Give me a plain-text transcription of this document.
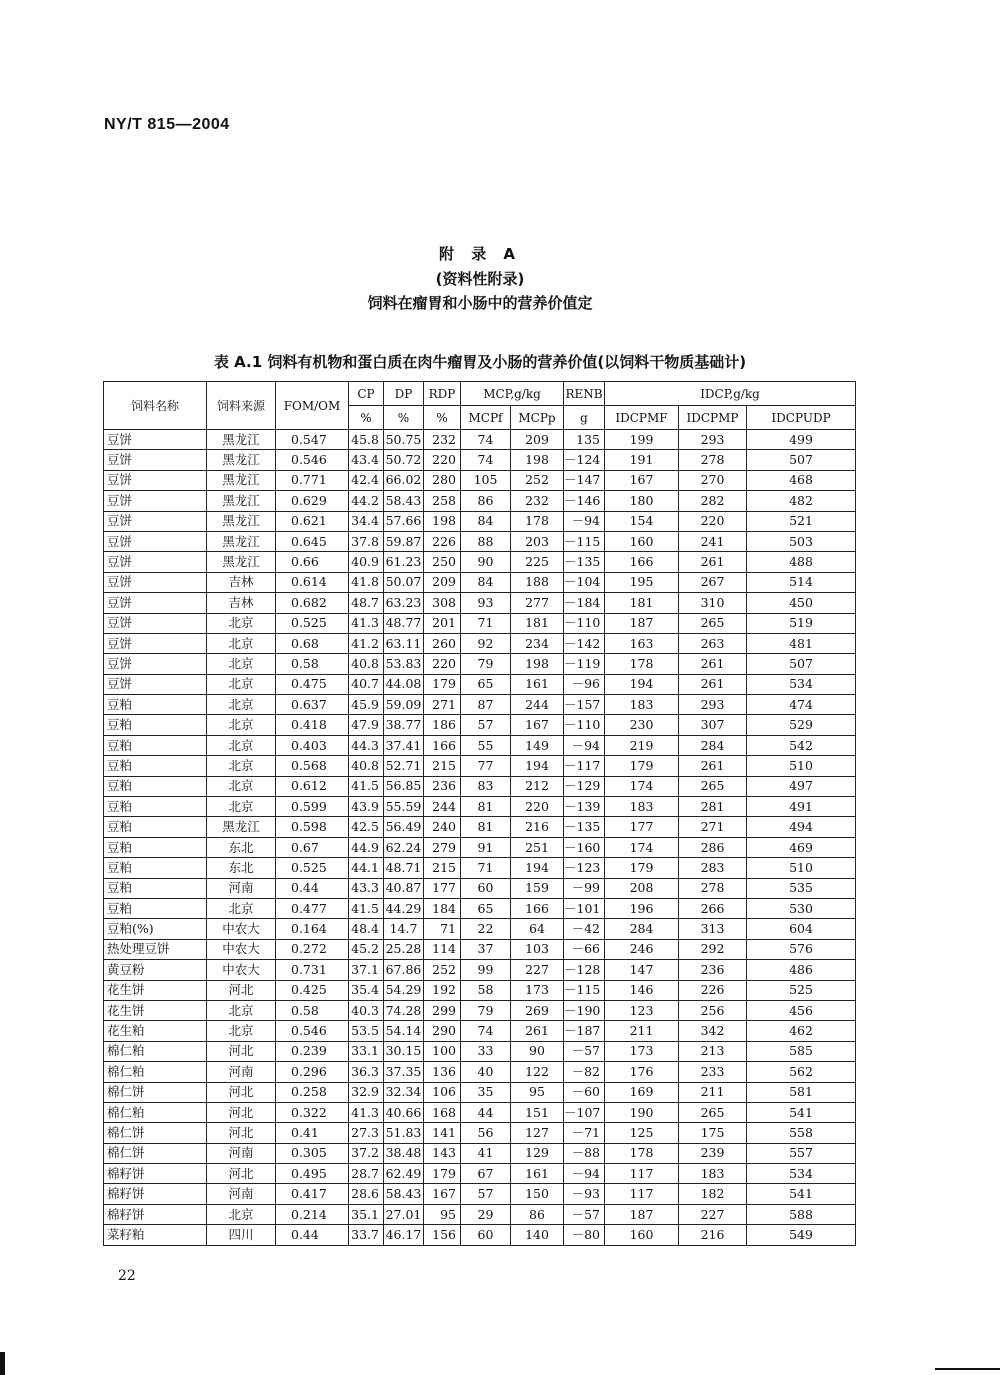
NY/T 815—2004
附 录 A
(资料性附录)
饲料在瘤胃和小肠中的营养价值定
表 A.1 饲料有机物和蛋白质在肉牛瘤胃及小肠的营养价值(以饲料干物质基础计)
饲料名称	饲料来源	FOM/OM	CP	DP	RDP	MCP,g/kg		RENB	IDCP,g/kg		
			%	%	%	MCPf	MCPp	g	IDCPMF	IDCPMP	IDCPUDP
豆饼	黑龙江	0.547	45.8	50.75	232	74	209	135	199	293	499
豆饼	黑龙江	0.546	43.4	50.72	220	74	198	－124	191	278	507
豆饼	黑龙江	0.771	42.4	66.02	280	105	252	－147	167	270	468
豆饼	黑龙江	0.629	44.2	58.43	258	86	232	－146	180	282	482
豆饼	黑龙江	0.621	34.4	57.66	198	84	178	－94	154	220	521
豆饼	黑龙江	0.645	37.8	59.87	226	88	203	－115	160	241	503
豆饼	黑龙江	0.66	40.9	61.23	250	90	225	－135	166	261	488
豆饼	吉林	0.614	41.8	50.07	209	84	188	－104	195	267	514
豆饼	吉林	0.682	48.7	63.23	308	93	277	－184	181	310	450
豆饼	北京	0.525	41.3	48.77	201	71	181	－110	187	265	519
豆饼	北京	0.68	41.2	63.11	260	92	234	－142	163	263	481
豆饼	北京	0.58	40.8	53.83	220	79	198	－119	178	261	507
豆饼	北京	0.475	40.7	44.08	179	65	161	－96	194	261	534
豆粕	北京	0.637	45.9	59.09	271	87	244	－157	183	293	474
豆粕	北京	0.418	47.9	38.77	186	57	167	－110	230	307	529
豆粕	北京	0.403	44.3	37.41	166	55	149	－94	219	284	542
豆粕	北京	0.568	40.8	52.71	215	77	194	－117	179	261	510
豆粕	北京	0.612	41.5	56.85	236	83	212	－129	174	265	497
豆粕	北京	0.599	43.9	55.59	244	81	220	－139	183	281	491
豆粕	黑龙江	0.598	42.5	56.49	240	81	216	－135	177	271	494
豆粕	东北	0.67	44.9	62.24	279	91	251	－160	174	286	469
豆粕	东北	0.525	44.1	48.71	215	71	194	－123	179	283	510
豆粕	河南	0.44	43.3	40.87	177	60	159	－99	208	278	535
豆粕	北京	0.477	41.5	44.29	184	65	166	－101	196	266	530
豆粕(%)	中农大	0.164	48.4	14.7	71	22	64	－42	284	313	604
热处理豆饼	中农大	0.272	45.2	25.28	114	37	103	－66	246	292	576
黄豆粉	中农大	0.731	37.1	67.86	252	99	227	－128	147	236	486
花生饼	河北	0.425	35.4	54.29	192	58	173	－115	146	226	525
花生饼	北京	0.58	40.3	74.28	299	79	269	－190	123	256	456
花生粕	北京	0.546	53.5	54.14	290	74	261	－187	211	342	462
棉仁粕	河北	0.239	33.1	30.15	100	33	90	－57	173	213	585
棉仁粕	河南	0.296	36.3	37.35	136	40	122	－82	176	233	562
棉仁饼	河北	0.258	32.9	32.34	106	35	95	－60	169	211	581
棉仁粕	河北	0.322	41.3	40.66	168	44	151	－107	190	265	541
棉仁饼	河北	0.41	27.3	51.83	141	56	127	－71	125	175	558
棉仁饼	河南	0.305	37.2	38.48	143	41	129	－88	178	239	557
棉籽饼	河北	0.495	28.7	62.49	179	67	161	－94	117	183	534
棉籽饼	河南	0.417	28.6	58.43	167	57	150	－93	117	182	541
棉籽饼	北京	0.214	35.1	27.01	95	29	86	－57	187	227	588
菜籽粕	四川	0.44	33.7	46.17	156	60	140	－80	160	216	549
22
